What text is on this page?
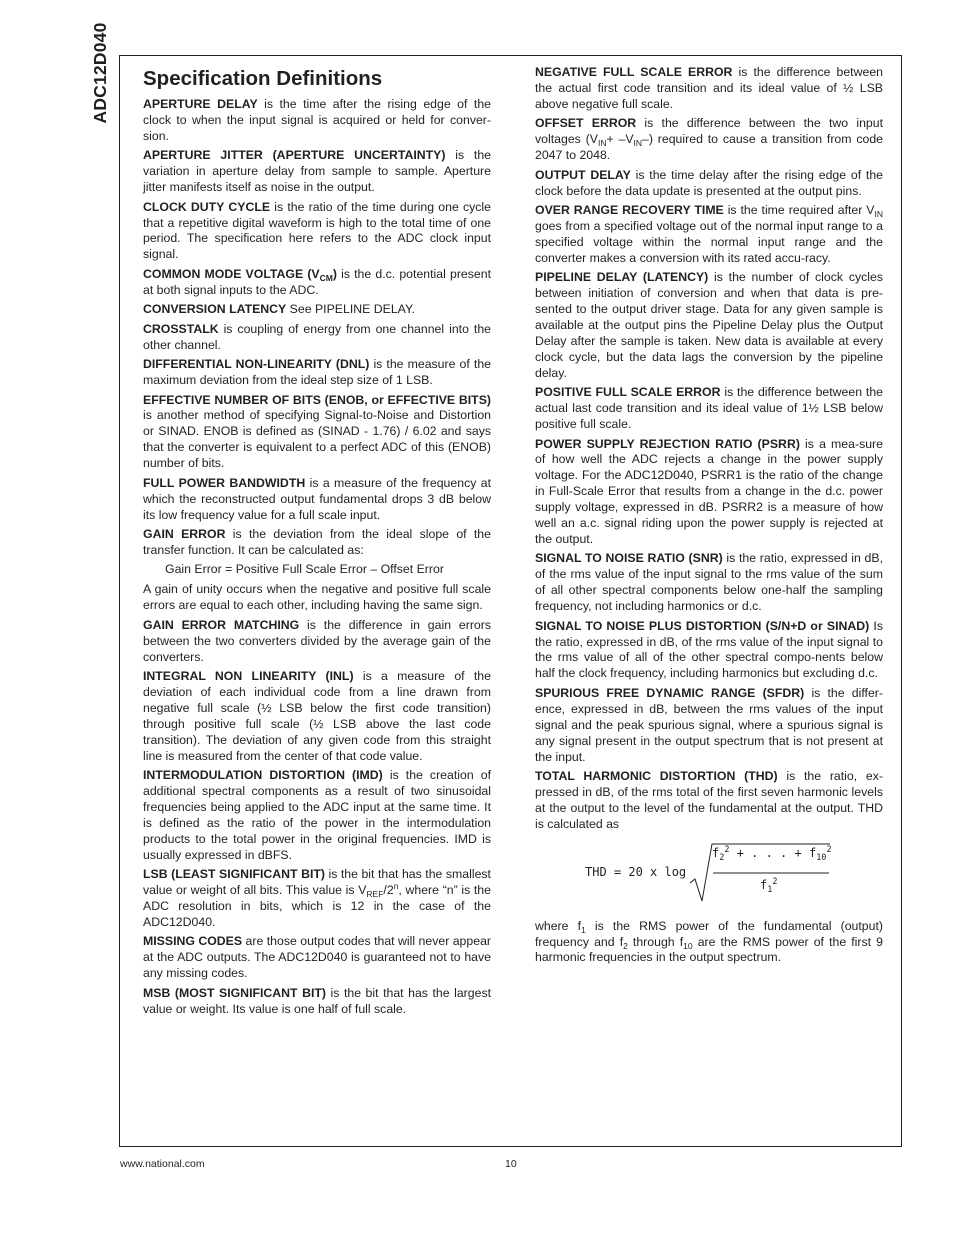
ADC12D040	Specification Definitions

APERTURE DELAY is the time after the rising edge of the clock to when the input signal is acquired or held for conver-sion.

APERTURE JITTER (APERTURE UNCERTAINTY) is the variation in aperture delay from sample to sample. Aperture jitter manifests itself as noise in the output.

CLOCK DUTY CYCLE is the ratio of the time during one cycle that a repetitive digital waveform is high to the total time of one period. The specification here refers to the ADC clock input signal.

COMMON MODE VOLTAGE $(V_{CM})$ is the d.c. potential present at both signal inputs to the ADC.

CONVERSION LATENCY See PIPELINE DELAY.

CROSSTALK is coupling of energy from one channel into the other channel.

DIFFERENTIAL NON-LINEARITY (DNL) is the measure of the maximum deviation from the ideal step size of 1 LSB.

EFFECTIVE NUMBER OF BITS (ENOB, or EFFECTIVE BITS) is another method of specifying Signal-to-Noise and Distortion or SINAD. ENOB is defined as (SINAD - 1.76) / 6.02 and says that the converter is equivalent to a perfect ADC of this (ENOB) number of bits.

FULL POWER BANDWIDTH is a measure of the frequency at which the reconstructed output fundamental drops 3 dB below its low frequency value for a full scale input.

GAIN ERROR is the deviation from the ideal slope of the transfer function. It can be calculated as:

Gain Error = Positive Full Scale Error – Offset Error

A gain of unity occurs when the negative and positive full scale errors are equal to each other, including having the same sign.

GAIN ERROR MATCHING is the difference in gain errors between the two converters divided by the average gain of the converters.

INTEGRAL NON LINEARITY (INL) is a measure of the deviation of each individual code from a line drawn from negative full scale (½ LSB below the first code transition) through positive full scale (½ LSB above the last code transition). The deviation of any given code from this straight line is measured from the center of that code value.

INTERMODULATION DISTORTION (IMD) is the creation of additional spectral components as a result of two sinusoidal frequencies being applied to the ADC input at the same time. It is defined as the ratio of the power in the intermodulation products to the total power in the original frequencies. IMD is usually expressed in dBFS.

LSB (LEAST SIGNIFICANT BIT) is the bit that has the smallest value or weight of all bits. This value is $V_{REF}/2^n$, where “n” is the ADC resolution in bits, which is 12 in the case of the ADC12D040.

MISSING CODES are those output codes that will never appear at the ADC outputs. The ADC12D040 is guaranteed not to have any missing codes.

MSB (MOST SIGNIFICANT BIT) is the bit that has the largest value or weight. Its value is one half of full scale.

NEGATIVE FULL SCALE ERROR is the difference between the actual first code transition and its ideal value of ½ LSB above negative full scale.

OFFSET ERROR is the difference between the two input voltages $(V_{IN}+ -V_{IN}-)$ required to cause a transition from code 2047 to 2048.

OUTPUT DELAY is the time delay after the rising edge of the clock before the data update is presented at the output pins.

OVER RANGE RECOVERY TIME is the time required after $V_{IN}$ goes from a specified voltage out of the normal input range to a specified voltage within the normal input range and the converter makes a conversion with its rated accu-racy.

PIPELINE DELAY (LATENCY) is the number of clock cycles between initiation of conversion and when that data is pre-sented to the output driver stage. Data for any given sample is available at the output pins the Pipeline Delay plus the Output Delay after the sample is taken. New data is available at every clock cycle, but the data lags the conversion by the pipeline delay.

POSITIVE FULL SCALE ERROR is the difference between the actual last code transition and its ideal value of 1½ LSB below positive full scale.

POWER SUPPLY REJECTION RATIO (PSRR) is a mea-sure of how well the ADC rejects a change in the power supply voltage. For the ADC12D040, PSRR1 is the ratio of the change in Full-Scale Error that results from a change in the d.c. power supply voltage, expressed in dB. PSRR2 is a measure of how well an a.c. signal riding upon the power supply is rejected at the output.

SIGNAL TO NOISE RATIO (SNR) is the ratio, expressed in dB, of the rms value of the input signal to the rms value of the sum of all other spectral components below one-half the sampling frequency, not including harmonics or d.c.

SIGNAL TO NOISE PLUS DISTORTION (S/N+D or SINAD) Is the ratio, expressed in dB, of the rms value of the input signal to the rms value of all of the other spectral compo-nents below half the clock frequency, including harmonics but excluding d.c.

SPURIOUS FREE DYNAMIC RANGE (SFDR) is the differ-ence, expressed in dB, between the rms values of the input signal and the peak spurious signal, where a spurious signal is any signal present in the output spectrum that is not present at the input.

TOTAL HARMONIC DISTORTION (THD) is the ratio, ex-pressed in dB, of the rms total of the first seven harmonic levels at the output to the level of the fundamental at the output. THD is calculated as

THD = 20 x log
$f_2^2$ + . . . + $f_{10}^2$
$f_1^2$

where $f_1$ is the RMS power of the fundamental (output) frequency and $f_2$ through $f_{10}$ are the RMS power of the first 9 harmonic frequencies in the output spectrum.

www.national.com	10
